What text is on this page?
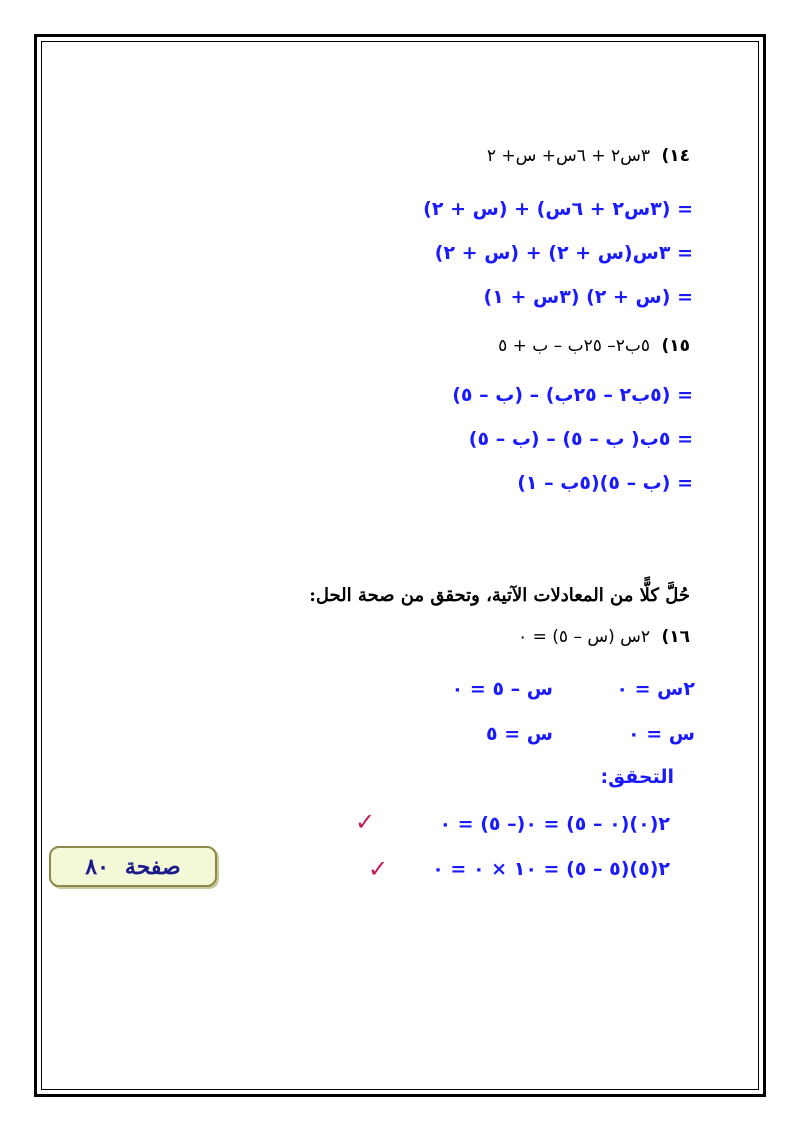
١٤) ٣س٢ + ٦س+ س+ ٢
= (٣س٢ + ٦س) + (س + ٢)
= ٣س(س + ٢) + (س + ٢)
= (س + ٢) (٣س + ١)
١٥) ٥ب٢– ٢٥ب – ب + ٥
= (٥ب٢ – ٢٥ب) – (ب – ٥)
= ٥ب( ب – ٥) – (ب – ٥)
= (ب – ٥)(٥ب – ١)
حُلَّ كلًّا من المعادلات الآتية، وتحقق من صحة الحل:
١٦) ٢س (س – ٥) = ٠
٢س = ٠
س – ٥ = ٠
س = ٠
س = ٥
التحقق:
٢(٠)(٠ – ٥) = ٠(– ٥) = ٠
✓
٢(٥)(٥ – ٥) = ١٠ × ٠ = ٠
✓
صفحة
٨٠
